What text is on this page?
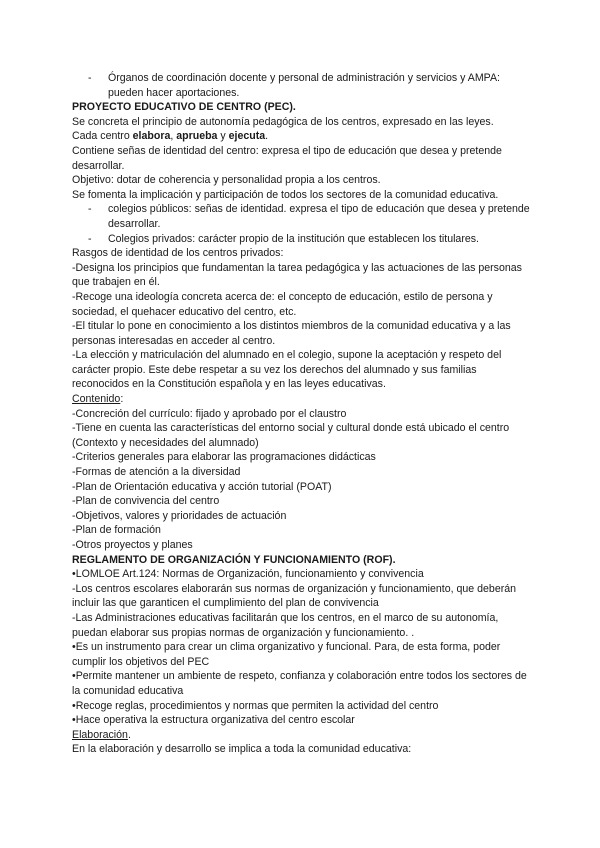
- Órganos de coordinación docente y personal de administración y servicios y AMPA: pueden hacer aportaciones.

PROYECTO EDUCATIVO DE CENTRO (PEC).

Se concreta el principio de autonomía pedagógica de los centros, expresado en las leyes.

Cada centro elabora, aprueba y ejecuta.

Contiene señas de identidad del centro: expresa el tipo de educación que desea y pretende desarrollar.

Objetivo: dotar de coherencia y personalidad propia a los centros.

Se fomenta la implicación y participación de todos los sectores de la comunidad educativa.

- colegios públicos: señas de identidad. expresa el tipo de educación que desea y pretende desarrollar.

- Colegios privados: carácter propio de la institución que establecen los titulares.

Rasgos de identidad de los centros privados:

-Designa los principios que fundamentan la tarea pedagógica y las actuaciones de las personas que trabajen en él.

-Recoge una ideología concreta acerca de: el concepto de educación, estilo de persona y sociedad, el quehacer educativo del centro, etc.

-El titular lo pone en conocimiento a los distintos miembros de la comunidad educativa y a las personas interesadas en acceder al centro.

-La elección y matriculación del alumnado en el colegio, supone la aceptación y respeto del carácter propio. Este debe respetar a su vez los derechos del alumnado y sus familias reconocidos en la Constitución española y en las leyes educativas.

Contenido:

-Concreción del currículo: fijado y aprobado por el claustro

-Tiene en cuenta las características del entorno social y cultural donde está ubicado el centro (Contexto y necesidades del alumnado)

-Criterios generales para elaborar las programaciones didácticas

-Formas de atención a la diversidad

-Plan de Orientación educativa y acción tutorial (POAT)

-Plan de convivencia del centro

-Objetivos, valores y prioridades de actuación

-Plan de formación

-Otros proyectos y planes

REGLAMENTO DE ORGANIZACIÓN Y FUNCIONAMIENTO (ROF).

•LOMLOE Art.124: Normas de Organización, funcionamiento y convivencia

-Los centros escolares elaborarán sus normas de organización y funcionamiento, que deberán incluir las que garanticen el cumplimiento del plan de convivencia

-Las Administraciones educativas facilitarán que los centros, en el marco de su autonomía, puedan elaborar sus propias normas de organización y funcionamiento. .

•Es un instrumento para crear un clima organizativo y funcional. Para, de esta forma, poder cumplir los objetivos del PEC

•Permite mantener un ambiente de respeto, confianza y colaboración entre todos los sectores de la comunidad educativa

•Recoge reglas, procedimientos y normas que permiten la actividad del centro

•Hace operativa la estructura organizativa del centro escolar

Elaboración.

En la elaboración y desarrollo se implica a toda la comunidad educativa:
